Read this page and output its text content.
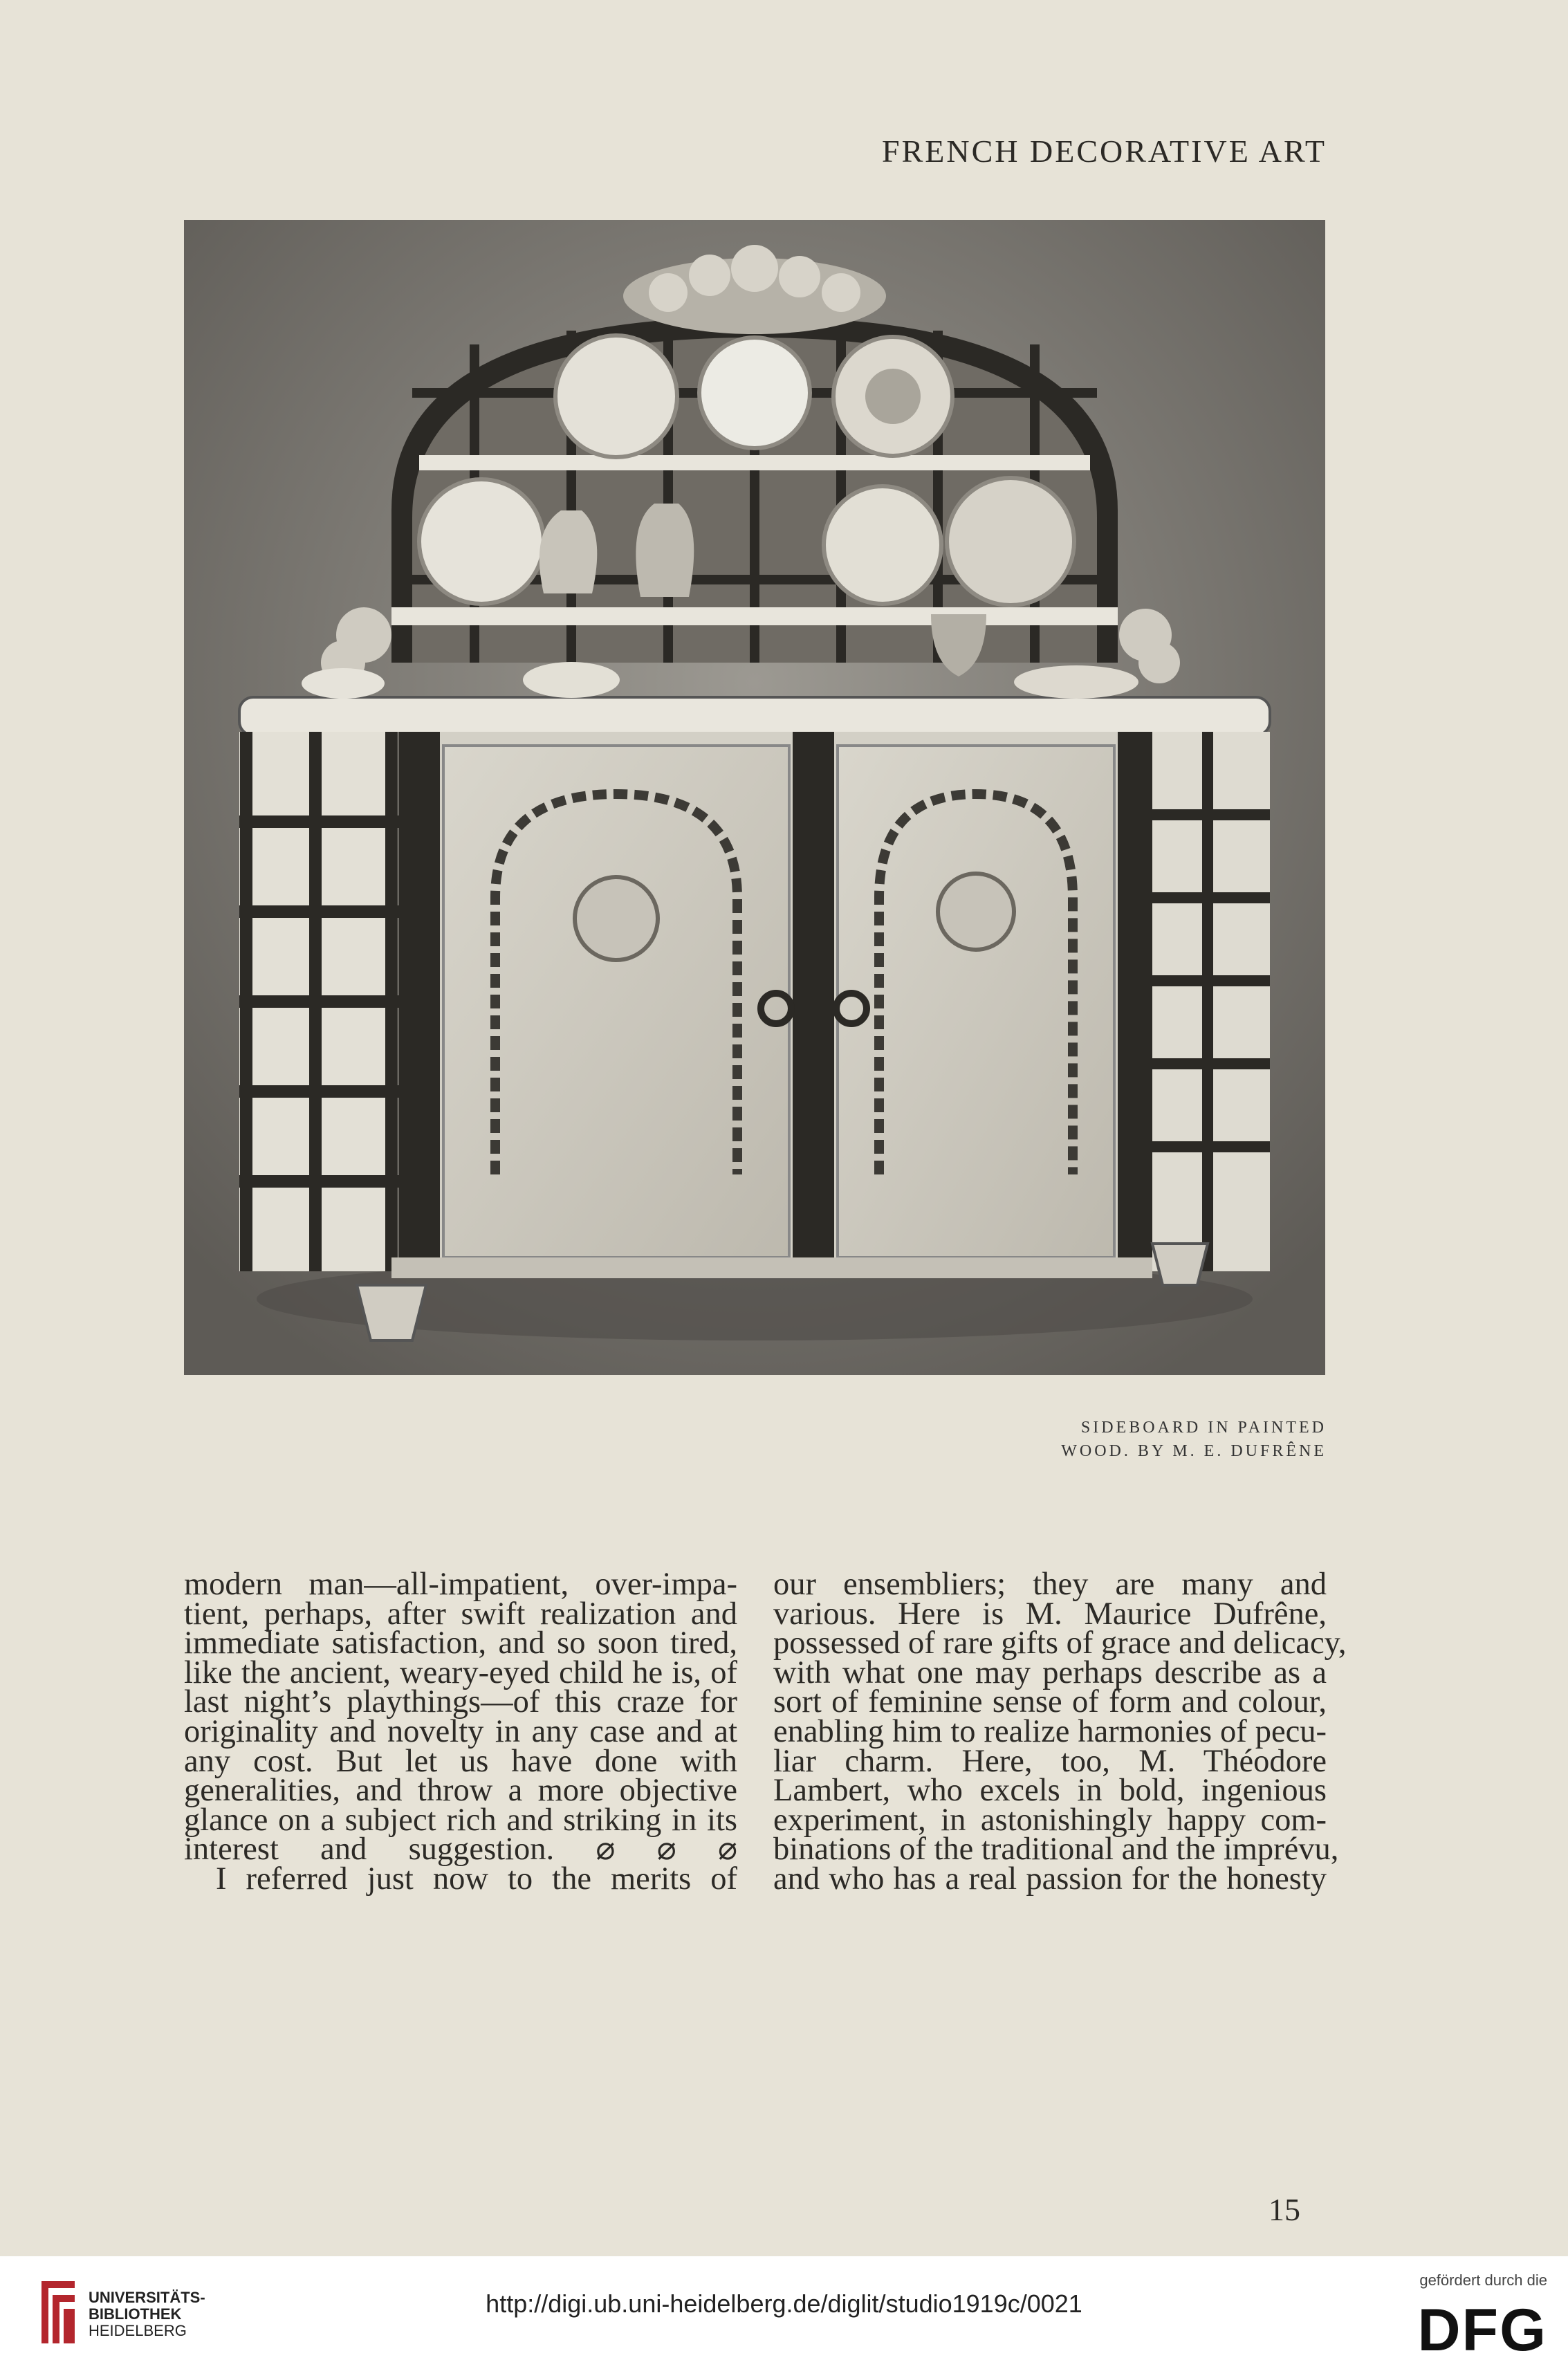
FRENCH DECORATIVE ART
SIDEBOARD IN PAINTED
WOOD. BY M. E. DUFRÊNE
modern man—all-impatient, over-impa-
tient, perhaps, after swift realization and
immediate satisfaction, and so soon tired,
like the ancient, weary-eyed child he is, of
last night’s playthings—of this craze for
originality and novelty in any case and at
any cost. But let us have done with
generalities, and throw a more objective
glance on a subject rich and striking in its
interest and suggestion. ⌀ ⌀ ⌀
I referred just now to the merits of
our ensembliers; they are many and
various. Here is M. Maurice Dufrêne,
possessed of rare gifts of grace and delicacy,
with what one may perhaps describe as a
sort of feminine sense of form and colour,
enabling him to realize harmonies of pecu-
liar charm. Here, too, M. Théodore
Lambert, who excels in bold, ingenious
experiment, in astonishingly happy com-
binations of the traditional and the imprévu,
and who has a real passion for the honesty
15
UNIVERSITÄTS-
BIBLIOTHEK
HEIDELBERG
http://digi.ub.uni-heidelberg.de/diglit/studio1919c/0021
gefördert durch die
DFG
